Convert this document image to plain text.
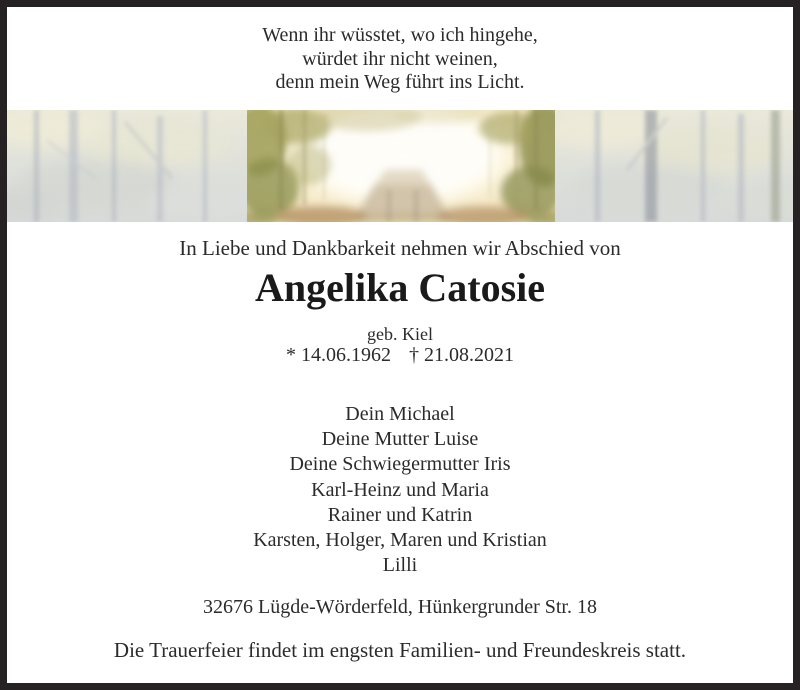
Wenn ihr wüsstet, wo ich hingehe,
würdet ihr nicht weinen,
denn mein Weg führt ins Licht.
In Liebe und Dankbarkeit nehmen wir Abschied von
Angelika Catosie
geb. Kiel
* 14.06.1962 † 21.08.2021
Dein Michael
Deine Mutter Luise
Deine Schwiegermutter Iris
Karl-Heinz und Maria
Rainer und Katrin
Karsten, Holger, Maren und Kristian
Lilli
32676 Lügde-Wörderfeld, Hünkergrunder Str. 18
Die Trauerfeier findet im engsten Familien- und Freundeskreis statt.
